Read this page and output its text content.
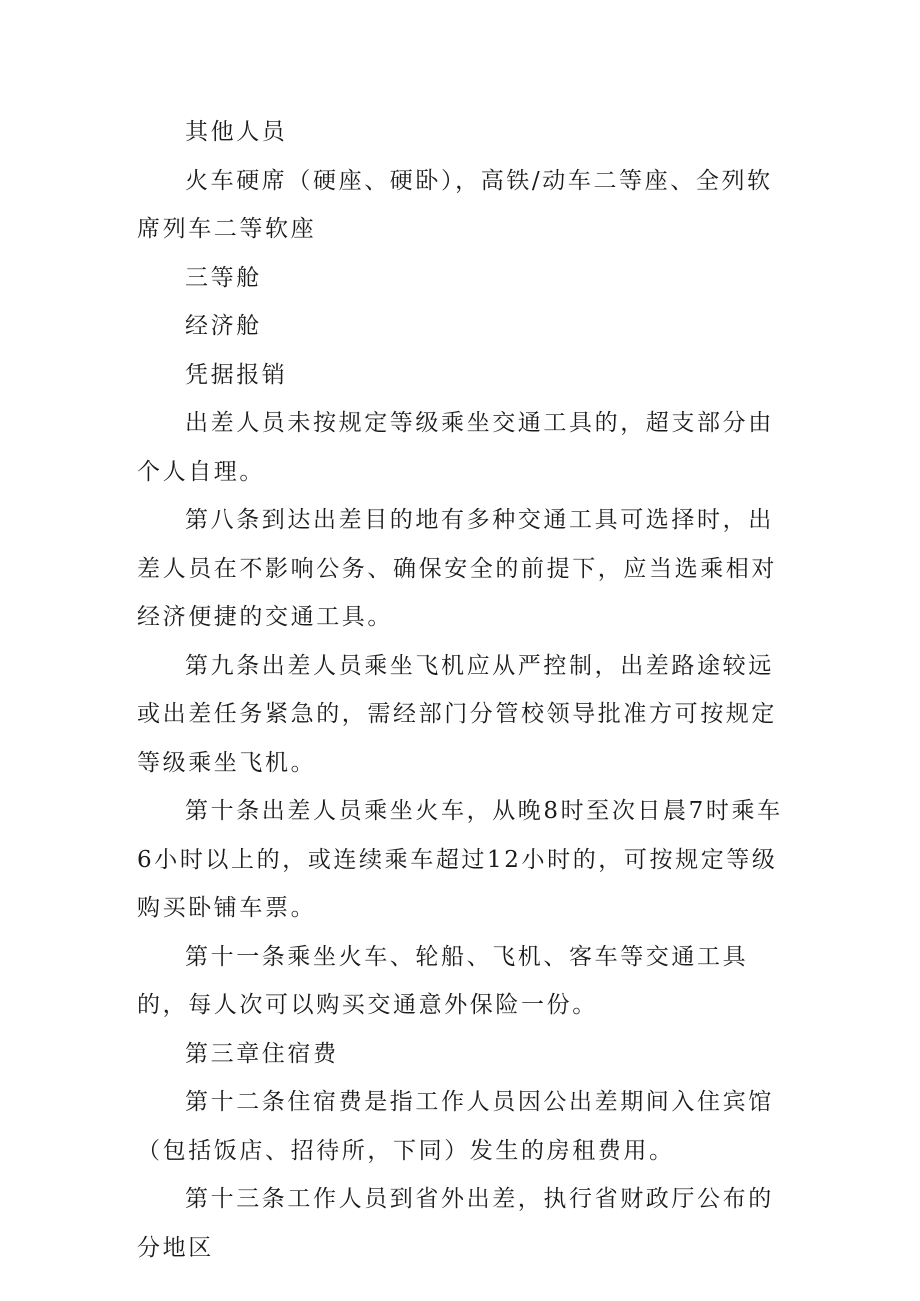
其他人员

火车硬席（硬座、硬卧），高铁/动车二等座、全列软席列车二等软座

三等舱

经济舱

凭据报销

出差人员未按规定等级乘坐交通工具的，超支部分由个人自理。

第八条到达出差目的地有多种交通工具可选择时，出差人员在不影响公务、确保安全的前提下，应当选乘相对经济便捷的交通工具。

第九条出差人员乘坐飞机应从严控制，出差路途较远或出差任务紧急的，需经部门分管校领导批准方可按规定等级乘坐飞机。

第十条出差人员乘坐火车，从晚8时至次日晨7时乘车6小时以上的，或连续乘车超过12小时的，可按规定等级购买卧铺车票。

第十一条乘坐火车、轮船、飞机、客车等交通工具的，每人次可以购买交通意外保险一份。

第三章住宿费

第十二条住宿费是指工作人员因公出差期间入住宾馆（包括饭店、招待所，下同）发生的房租费用。

第十三条工作人员到省外出差，执行省财政厅公布的分地区
